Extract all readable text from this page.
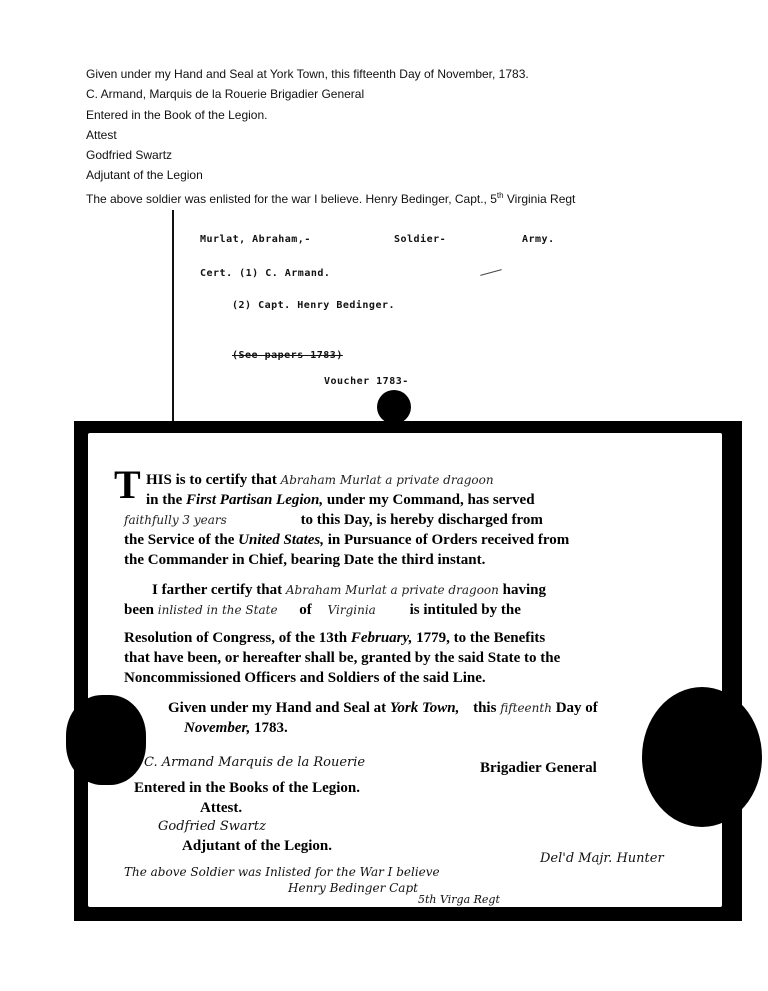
Given under my Hand and Seal at York Town, this fifteenth Day of November, 1783.
C. Armand, Marquis de la Rouerie Brigadier General
Entered in the Book of the Legion.
Attest
Godfried Swartz
Adjutant of the Legion
The above soldier was enlisted for the war I believe. Henry Bedinger, Capt., 5th Virginia Regt
Murlat, Abraham,-	Soldier-	Army.
Cert. (1) C. Armand.
(2) Capt. Henry Bedinger.
(See papers 1783)
Voucher 1783-
T HIS is to certify that Abraham Murlat a private dragoon
in the First Partisan Legion, under my Command, has served
faithfully 3 years	to this Day, is hereby discharged from
the Service of the United States, in Pursuance of Orders received from
the Commander in Chief, bearing Date the third instant.
I farther certify that Abraham Murlat a private dragoon having
been inlisted in the State of Virginia is intituled by the
Resolution of Congress, of the 13th February, 1779, to the Benefits
that have been, or hereafter shall be, granted by the said State to the
Noncommissioned Officers and Soldiers of the said Line.
Given under my Hand and Seal at York Town, this fifteenth Day of
November, 1783.
C. Armand Marquis de la Rouerie	Brigadier General
Entered in the Books of the Legion.
Attest.
Godfried Swartz
Adjutant of the Legion.
Del'd Majr. Hunter
The above Soldier was Inlisted for the War I believe
Henry Bedinger Capt
5th Virga Regt
